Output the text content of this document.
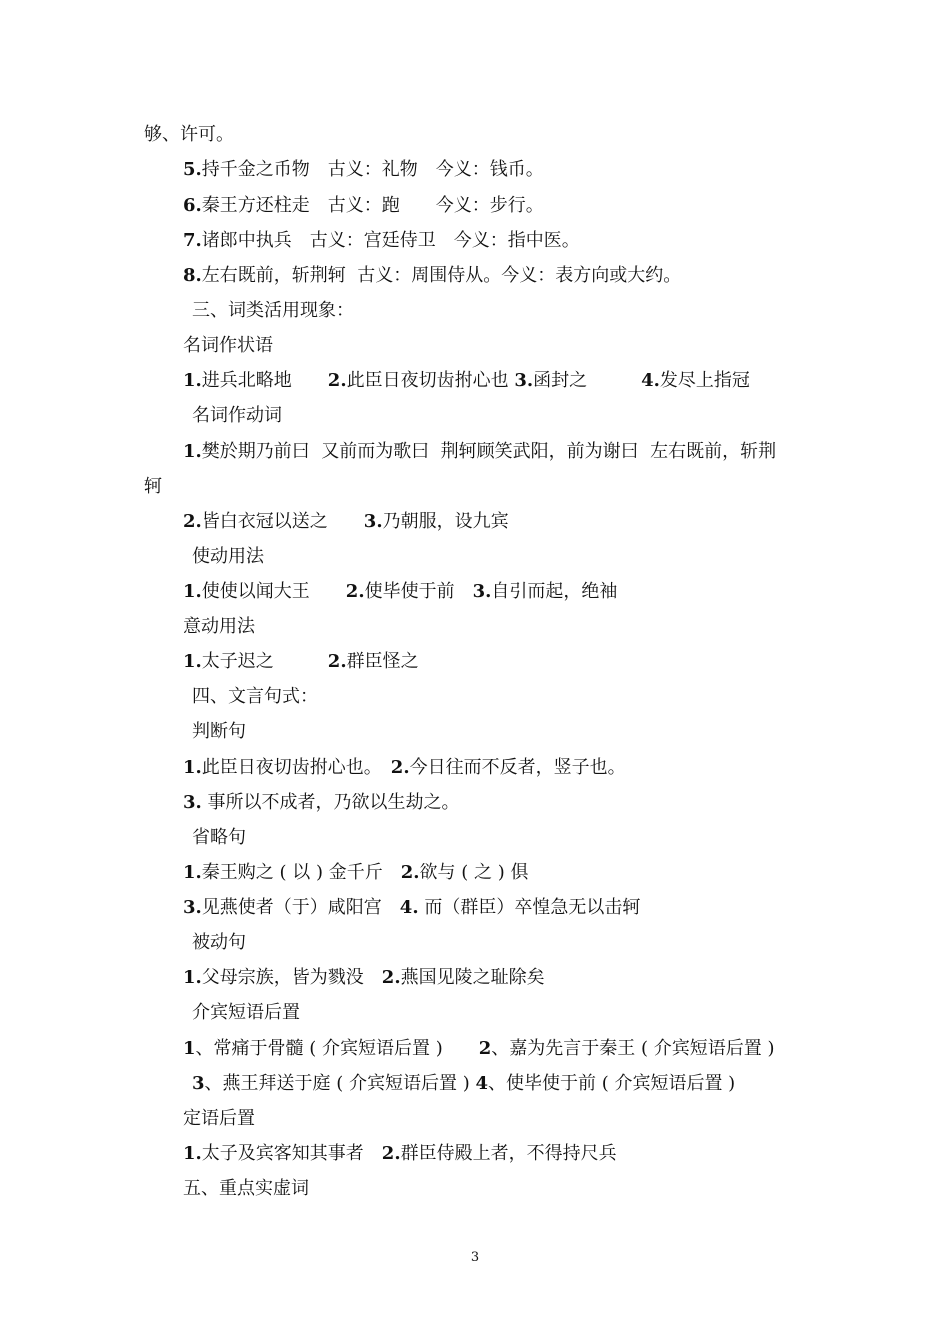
够、许可。
5.持千金之币物　古义：礼物　今义：钱币。
6.秦王方还柱走　古义：跑　　今义：步行。
7.诸郎中执兵　古义：宫廷侍卫　今义：指中医。
8.左右既前，斩荆轲  古义：周围侍从。今义：表方向或大约。
三、词类活用现象：
名词作状语
1.进兵北略地　　2.此臣日夜切齿拊心也 3.函封之　　　4.发尽上指冠
名词作动词
1.樊於期乃前曰  又前而为歌曰  荆轲顾笑武阳，前为谢曰  左右既前，斩荆
轲
2.皆白衣冠以送之　　3.乃朝服，设九宾
使动用法
1.使使以闻大王　　2.使毕使于前　3.自引而起，绝袖
意动用法
1.太子迟之　　　2.群臣怪之
四、文言句式：
判断句
1.此臣日夜切齿拊心也。　2.今日往而不反者，竖子也。
3. 事所以不成者，乃欲以生劫之。
省略句
1.秦王购之 ( 以 ) 金千斤　2.欲与 ( 之 ) 俱
3.见燕使者（于）咸阳宫　4. 而（群臣）卒惶急无以击轲
被动句
1.父母宗族，皆为戮没　2.燕国见陵之耻除矣
介宾短语后置
1、常痛于骨髓 ( 介宾短语后置 )　　2、嘉为先言于秦王 ( 介宾短语后置 )
3、燕王拜送于庭 ( 介宾短语后置 ) 4、使毕使于前 ( 介宾短语后置 )
定语后置
1.太子及宾客知其事者　2.群臣侍殿上者，不得持尺兵
五、重点实虚词
3
